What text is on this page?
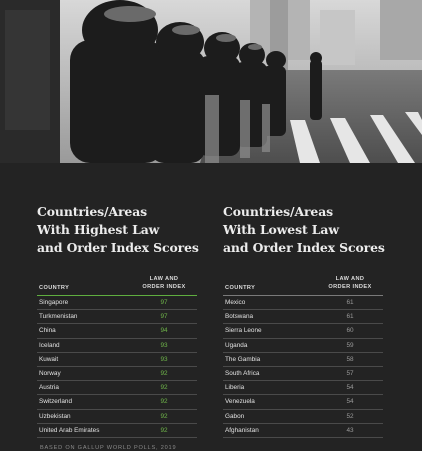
Countries/Areas
With Highest Law
and Order Index Scores
COUNTRY
LAW AND
ORDER INDEX
Singapore	97
Turkmenistan	97
China	94
Iceland	93
Kuwait	93
Norway	92
Austria	92
Switzerland	92
Uzbekistan	92
United Arab Emirates	92
Countries/Areas
With Lowest Law
and Order Index Scores
COUNTRY
LAW AND
ORDER INDEX
Mexico	61
Botswana	61
Sierra Leone	60
Uganda	59
The Gambia	58
South Africa	57
Liberia	54
Venezuela	54
Gabon	52
Afghanistan	43
BASED ON GALLUP WORLD POLLS, 2019
